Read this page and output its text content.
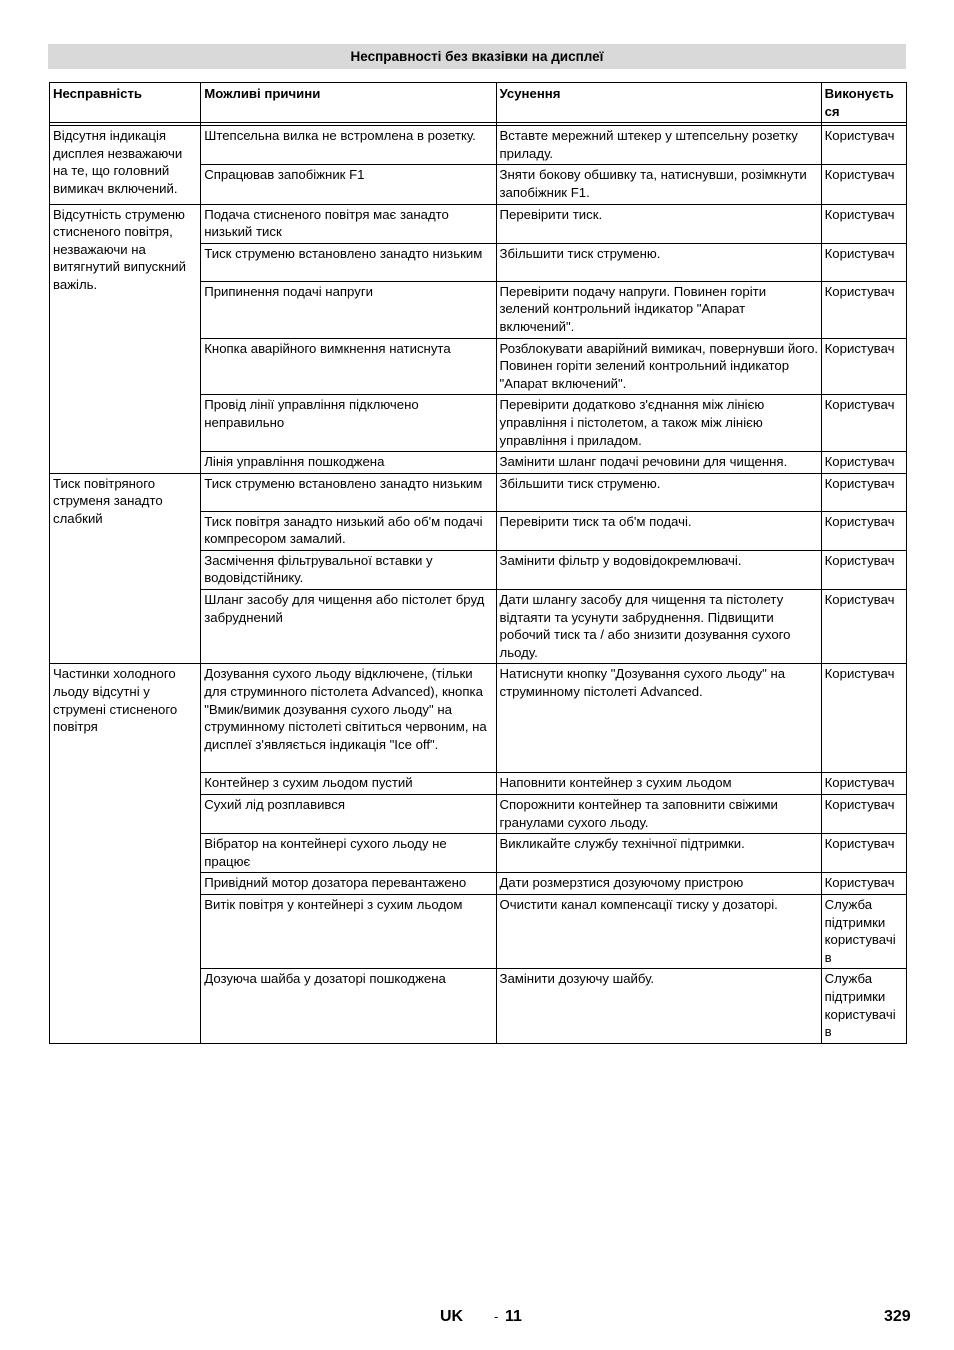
Несправності без вказівки на дисплеї
Несправність	Можливі причини	Усунення	Виконуєть ся

Відсутня індикація дисплея незважаючи на те, що головний вимикач включений.	Штепсельна вилка не встромлена в розетку.	Вставте мережний штекер у штепсельну розетку приладу.	Користувач
	Спрацював запобіжник F1	Зняти бокову обшивку та, натиснувши, розімкнути запобіжник F1.	Користувач
Відсутність струменю стисненого повітря, незважаючи на витягнутий випускний важіль.	Подача стисненого повітря має занадто низький тиск	Перевірити тиск.	Користувач
	Тиск струменю встановлено занадто низьким	Збільшити тиск струменю.	Користувач
	Припинення подачі напруги	Перевірити подачу напруги. Повинен горіти зелений контрольний індикатор "Апарат включений".	Користувач
	Кнопка аварійного вимкнення натиснута	Розблокувати аварійний вимикач, повернувши його. Повинен горіти зелений контрольний індикатор "Апарат включений".	Користувач
	Провід лінії управління підключено неправильно	Перевірити додатково з'єднання між лінією управління і пістолетом, а також між лінією управління і приладом.	Користувач
	Лінія управління пошкоджена	Замінити шланг подачі речовини для чищення.	Користувач
Тиск повітряного струменя занадто слабкий	Тиск струменю встановлено занадто низьким	Збільшити тиск струменю.	Користувач
	Тиск повітря занадто низький або об'м подачі компресором замалий.	Перевірити тиск та об'м подачі.	Користувач
	Засмічення фільтрувальної вставки у водовідстійнику.	Замінити фільтр у водовідокремлювачі.	Користувач
	Шланг засобу для чищення або пістолет бруд забруднений	Дати шлангу засобу для чищення та пістолету відтаяти та усунути забруднення. Підвищити робочий тиск та / або знизити дозування сухого льоду.	Користувач
Частинки холодного льоду відсутні у струмені стисненого повітря	Дозування сухого льоду відключене, (тільки для струминного пістолета Advanced), кнопка "Вмик/вимик дозування сухого льоду" на струминному пістолеті світиться червоним, на дисплеї з'являється індикація "Ice off".	Натиснути кнопку "Дозування сухого льоду" на струминному пістолеті Advanced.	Користувач
	Контейнер з сухим льодом пустий	Наповнити контейнер з сухим льодом	Користувач
	Сухий лід розплавився	Спорожнити контейнер та заповнити свіжими гранулами сухого льоду.	Користувач
	Вібратор на контейнері сухого льоду не працює	Викликайте службу технічної підтримки.	Користувач
	Привідний мотор дозатора перевантажено	Дати розмерзтися дозуючому пристрою	Користувач
	Витік повітря у контейнері з сухим льодом	Очистити канал компенсації тиску у дозаторі.	Служба підтримки користувачі в
	Дозуюча шайба у дозаторі пошкоджена	Замінити дозуючу шайбу.	Служба підтримки користувачі в
UK - 11	329
